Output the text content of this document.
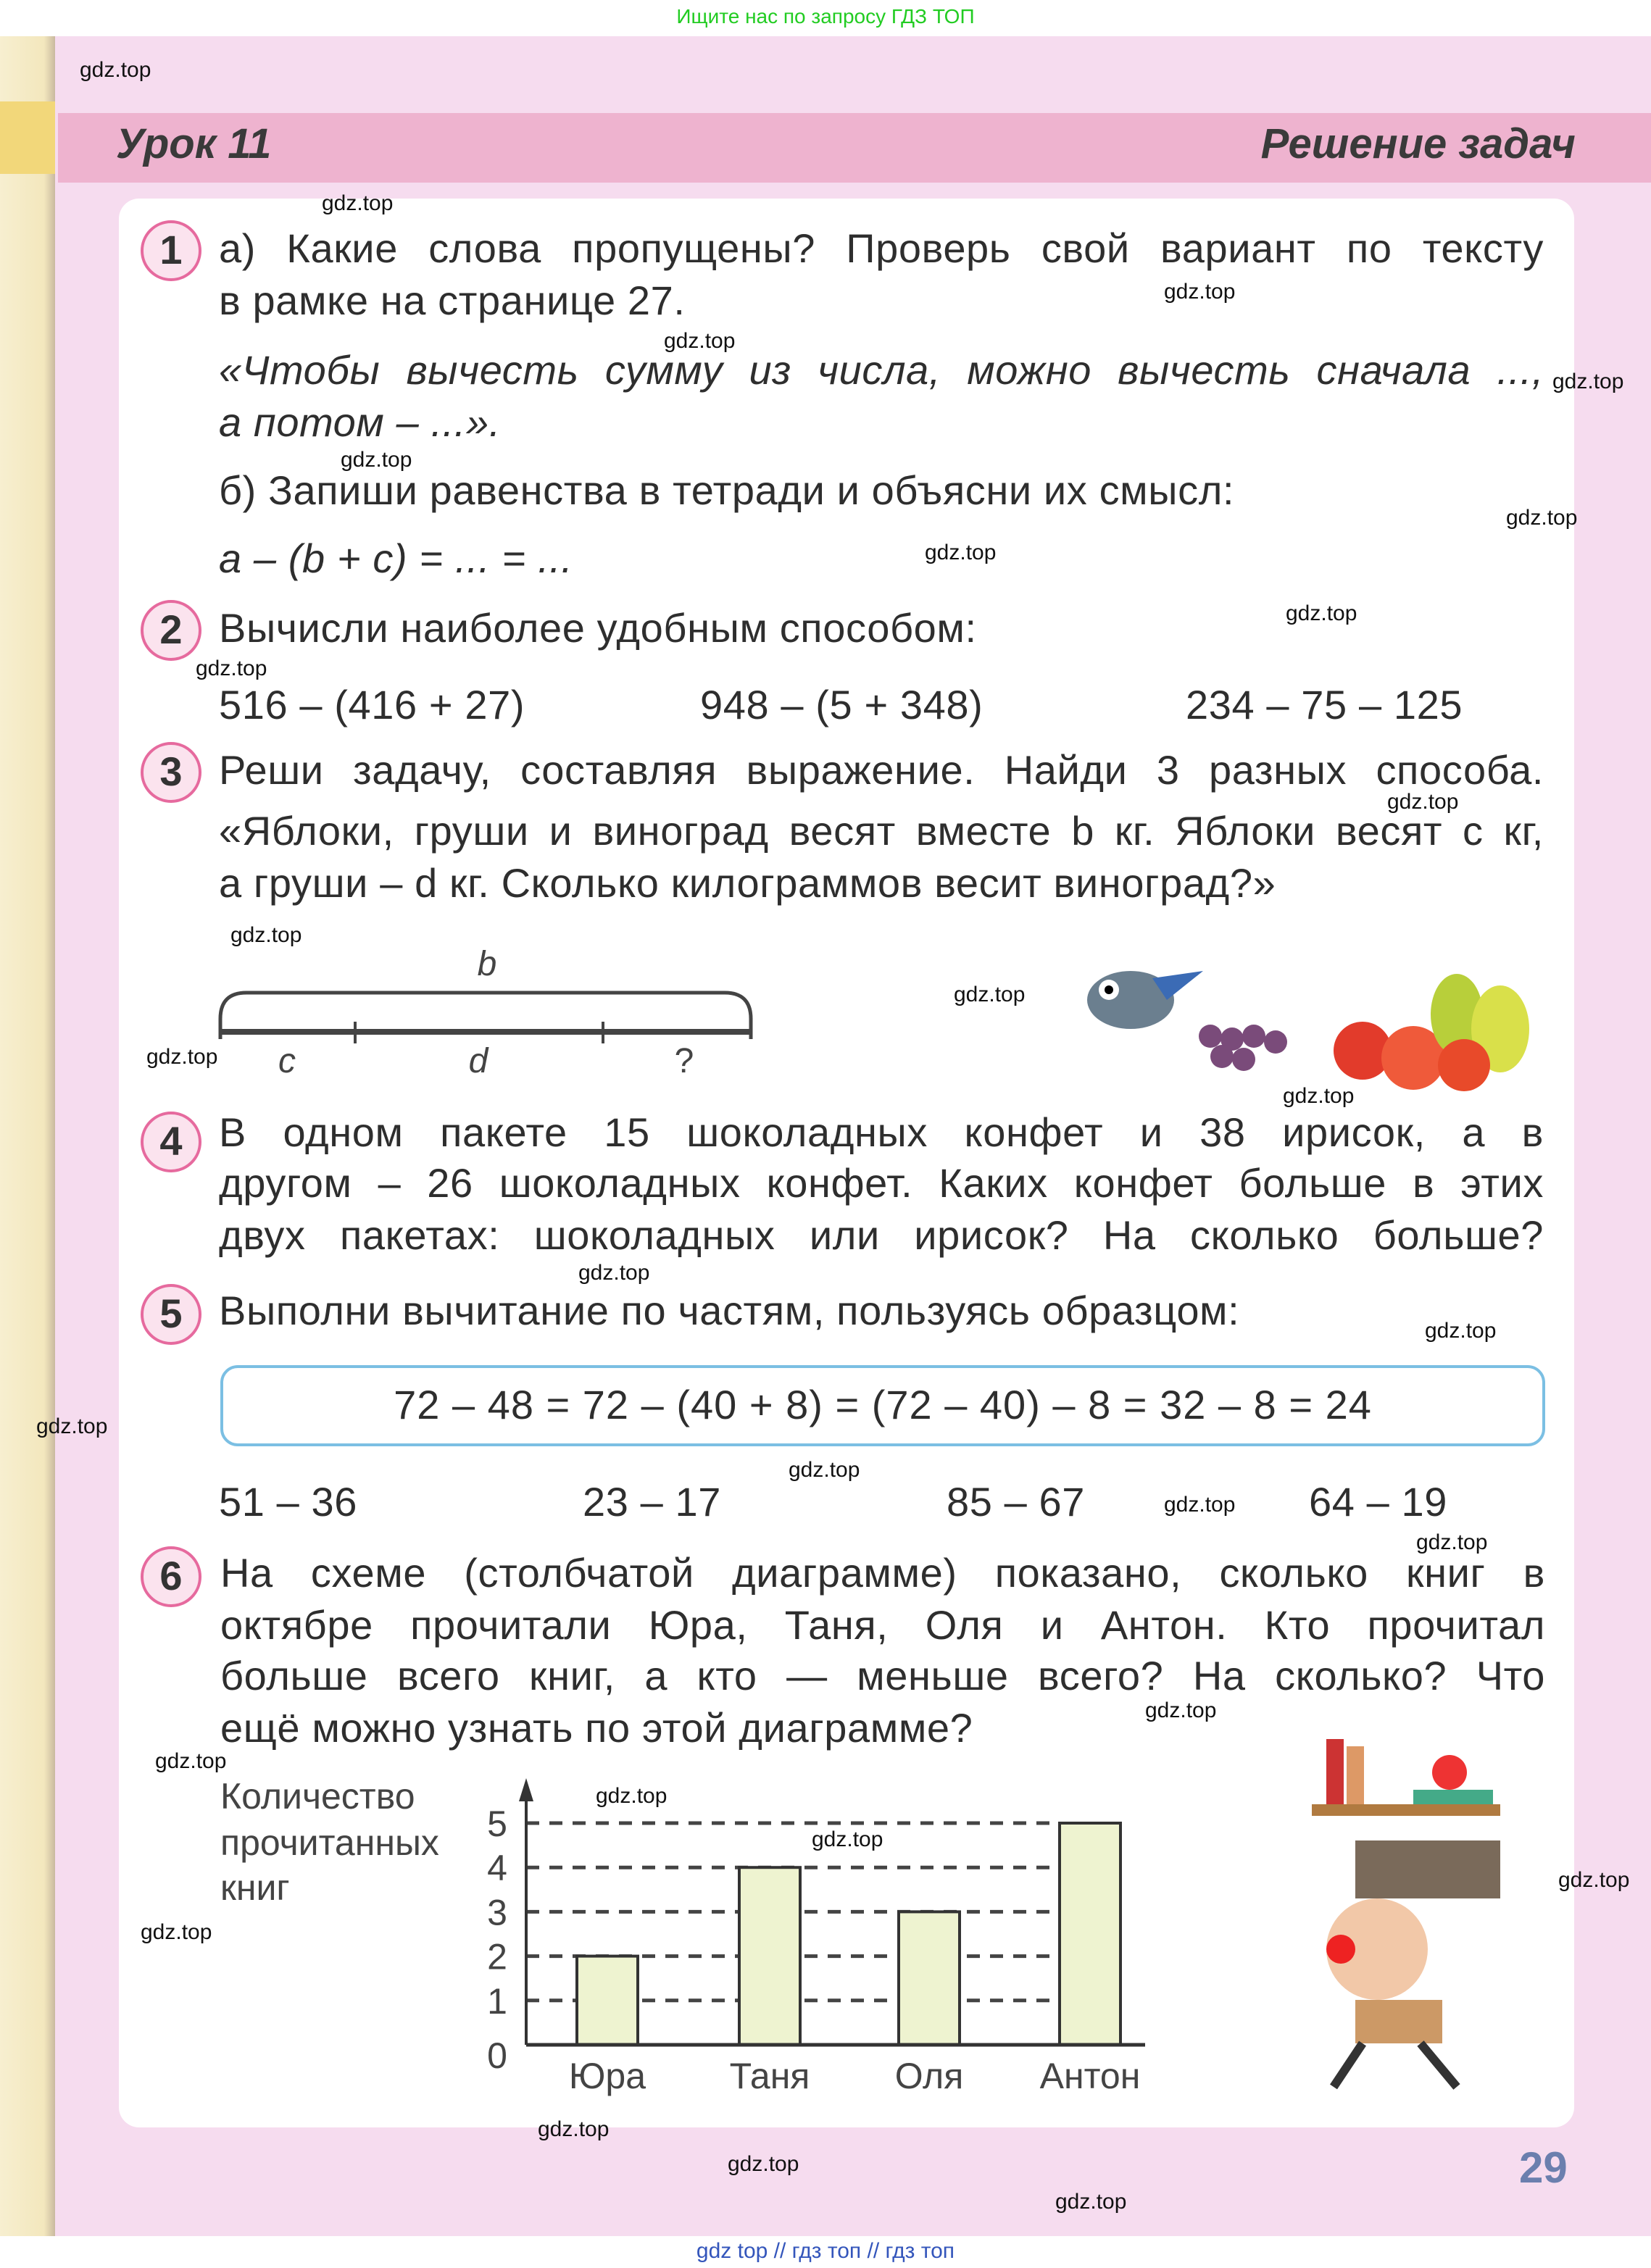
Ищите нас по запросу ГДЗ ТОП
Урок 11	Решение задач
1	а) Какие слова пропущены? Проверь свой вариант по тексту
в рамке на странице 27.
«Чтобы вычесть сумму из числа, можно вычесть сначала ...,
а потом – ...».
б) Запиши равенства в тетради и объясни их смысл:
a – (b + c) = ... = ...
2	Вычисли наиболее удобным способом:
516 – (416 + 27)	948 – (5 + 348)	234 – 75 – 125
3	Реши задачу, составляя выражение. Найди 3 разных способа.
«Яблоки, груши и виноград весят вместе b кг. Яблоки весят c кг,
а груши – d кг. Сколько килограммов весит виноград?»
b
c	d	?
4	В одном пакете 15 шоколадных конфет и 38 ирисок, а в
другом – 26 шоколадных конфет. Каких конфет больше в этих
двух пакетах: шоколадных или ирисок? На сколько больше?
5	Выполни вычитание по частям, пользуясь образцом:
72 – 48 = 72 – (40 + 8) = (72 – 40) – 8 = 32 – 8 = 24
51 – 36	23 – 17	85 – 67	64 – 19
6	На схеме (столбчатой диаграмме) показано, сколько книг в
октябре прочитали Юра, Таня, Оля и Антон. Кто прочитал
больше всего книг, а кто — меньше всего? На сколько? Что
ещё можно узнать по этой диаграмме?
Количество
прочитанных
книг
0
1
2
3
4
5
Юра	Таня	Оля	Антон
gdz.top
gdz.top
gdz.top
gdz.top
gdz.top
gdz.top
gdz.top
gdz.top
gdz.top
gdz.top
gdz.top
gdz.top
gdz.top
gdz.top
gdz.top
gdz.top
gdz.top
gdz.top
gdz.top
gdz.top
gdz.top
gdz.top
gdz.top
gdz.top
gdz.top
gdz.top
gdz.top
gdz.top
gdz.top
gdz.top
29
gdz top // гдз топ // гдз топ
